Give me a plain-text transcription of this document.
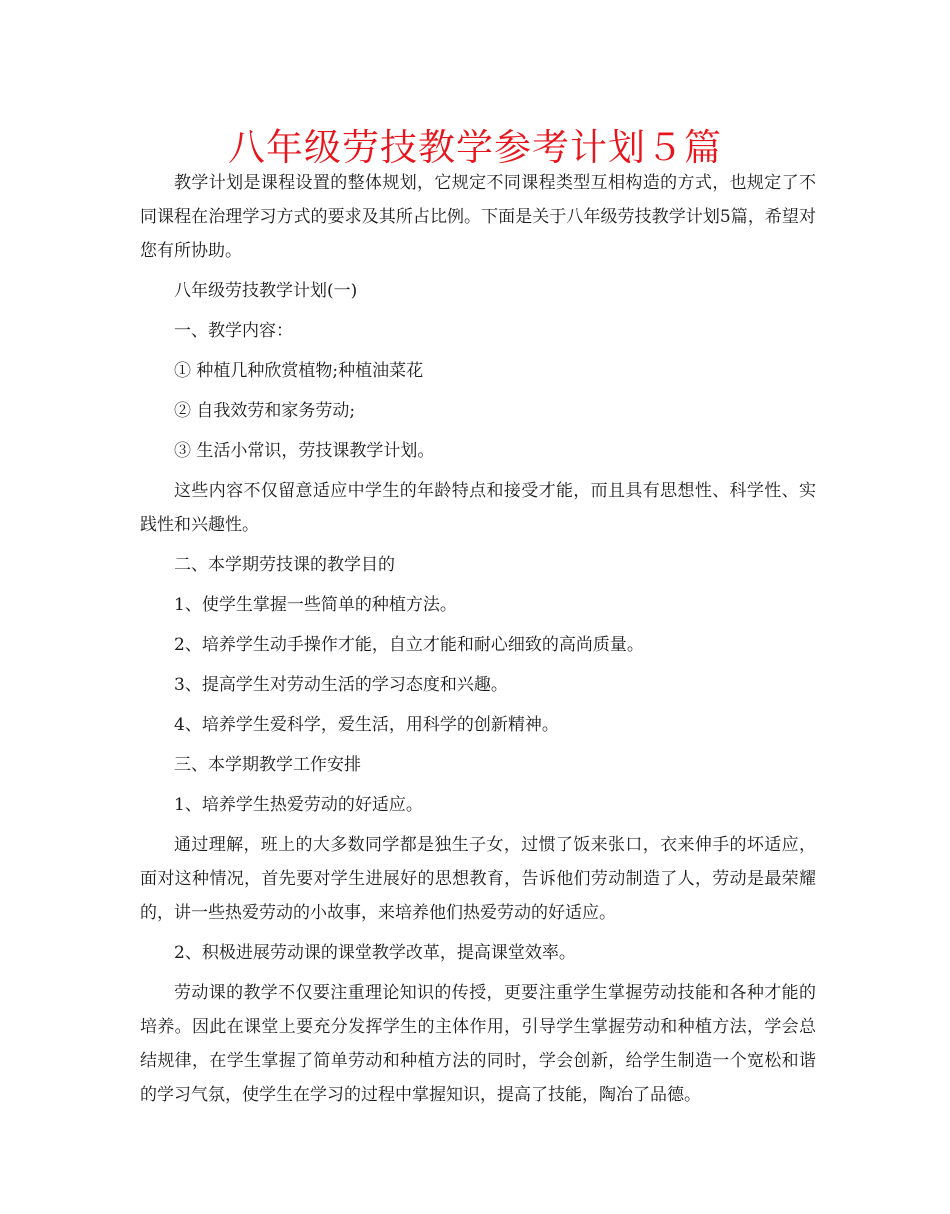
八年级劳技教学参考计划５篇

教学计划是课程设置的整体规划，它规定不同课程类型互相构造的方式，也规定了不同课程在治理学习方式的要求及其所占比例。下面是关于八年级劳技教学计划5篇，希望对您有所协助。

八年级劳技教学计划(一)

一、教学内容：

① 种植几种欣赏植物;种植油菜花

② 自我效劳和家务劳动;

③ 生活小常识，劳技课教学计划。

这些内容不仅留意适应中学生的年龄特点和接受才能，而且具有思想性、科学性、实践性和兴趣性。

二、本学期劳技课的教学目的

1、使学生掌握一些简单的种植方法。

2、培养学生动手操作才能，自立才能和耐心细致的高尚质量。

3、提高学生对劳动生活的学习态度和兴趣。

4、培养学生爱科学，爱生活，用科学的创新精神。

三、本学期教学工作安排

1、培养学生热爱劳动的好适应。

通过理解，班上的大多数同学都是独生子女，过惯了饭来张口，衣来伸手的坏适应，面对这种情况，首先要对学生进展好的思想教育，告诉他们劳动制造了人，劳动是最荣耀的，讲一些热爱劳动的小故事，来培养他们热爱劳动的好适应。

2、积极进展劳动课的课堂教学改革，提高课堂效率。

劳动课的教学不仅要注重理论知识的传授，更要注重学生掌握劳动技能和各种才能的培养。因此在课堂上要充分发挥学生的主体作用，引导学生掌握劳动和种植方法，学会总结规律，在学生掌握了简单劳动和种植方法的同时，学会创新，给学生制造一个宽松和谐的学习气氛，使学生在学习的过程中掌握知识，提高了技能，陶冶了品德。
